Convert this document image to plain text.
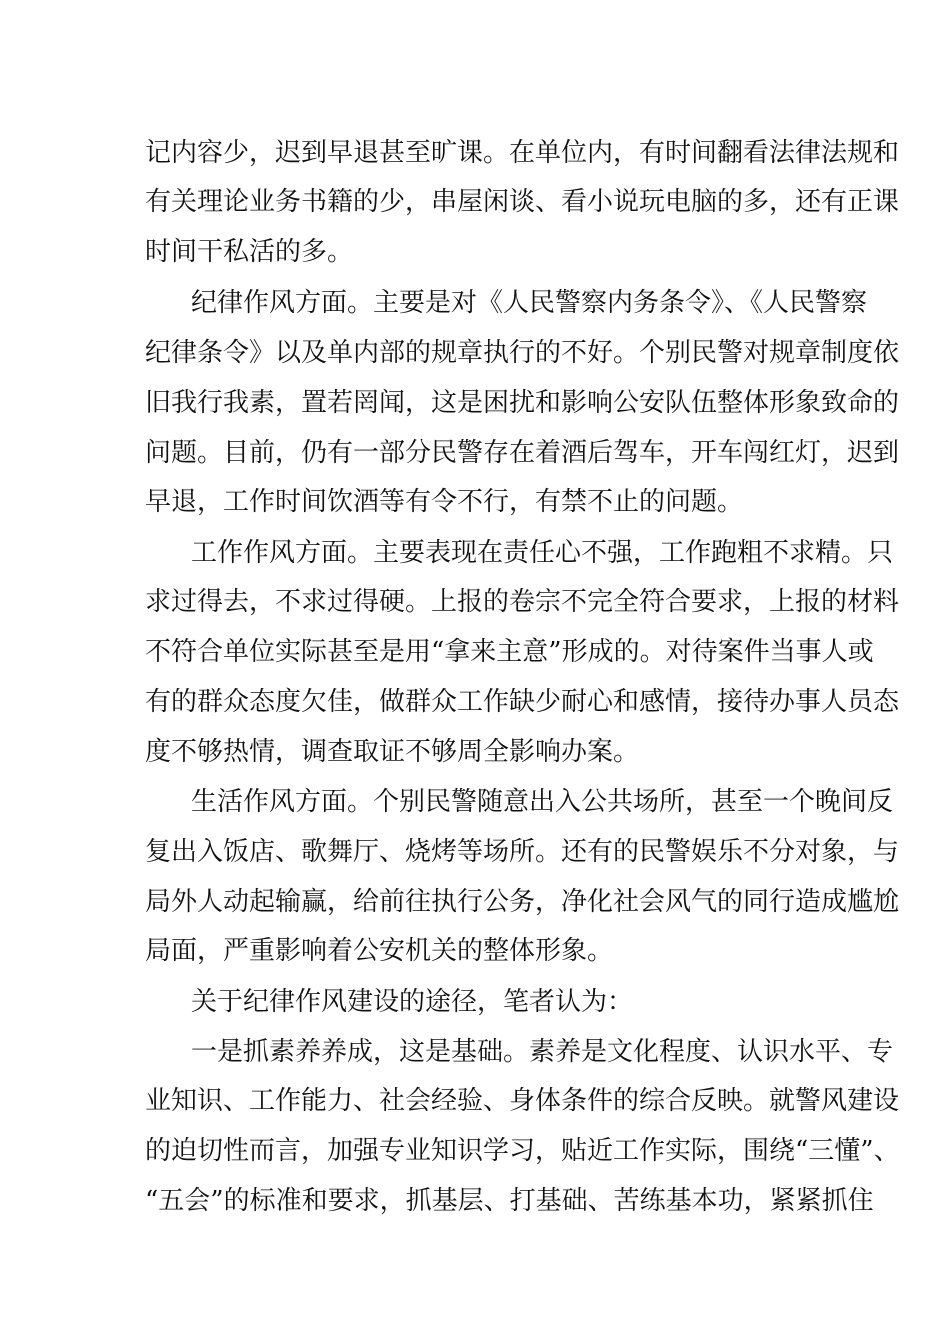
记内容少，迟到早退甚至旷课。在单位内，有时间翻看法律法规和
有关理论业务书籍的少，串屋闲谈、看小说玩电脑的多，还有正课
时间干私活的多。
纪律作风方面。主要是对《人民警察内务条令》、《人民警察
纪律条令》以及单内部的规章执行的不好。个别民警对规章制度依
旧我行我素，置若罔闻，这是困扰和影响公安队伍整体形象致命的
问题。目前，仍有一部分民警存在着酒后驾车，开车闯红灯，迟到
早退，工作时间饮酒等有令不行，有禁不止的问题。
工作作风方面。主要表现在责任心不强，工作跑粗不求精。只
求过得去，不求过得硬。上报的卷宗不完全符合要求，上报的材料
不符合单位实际甚至是用“拿来主意”形成的。对待案件当事人或
有的群众态度欠佳，做群众工作缺少耐心和感情，接待办事人员态
度不够热情，调查取证不够周全影响办案。
生活作风方面。个别民警随意出入公共场所，甚至一个晚间反
复出入饭店、歌舞厅、烧烤等场所。还有的民警娱乐不分对象，与
局外人动起输赢，给前往执行公务，净化社会风气的同行造成尴尬
局面，严重影响着公安机关的整体形象。
关于纪律作风建设的途径，笔者认为：
一是抓素养养成，这是基础。素养是文化程度、认识水平、专
业知识、工作能力、社会经验、身体条件的综合反映。就警风建设
的迫切性而言，加强专业知识学习，贴近工作实际，围绕“三懂”、
“五会”的标准和要求，抓基层、打基础、苦练基本功，紧紧抓住
